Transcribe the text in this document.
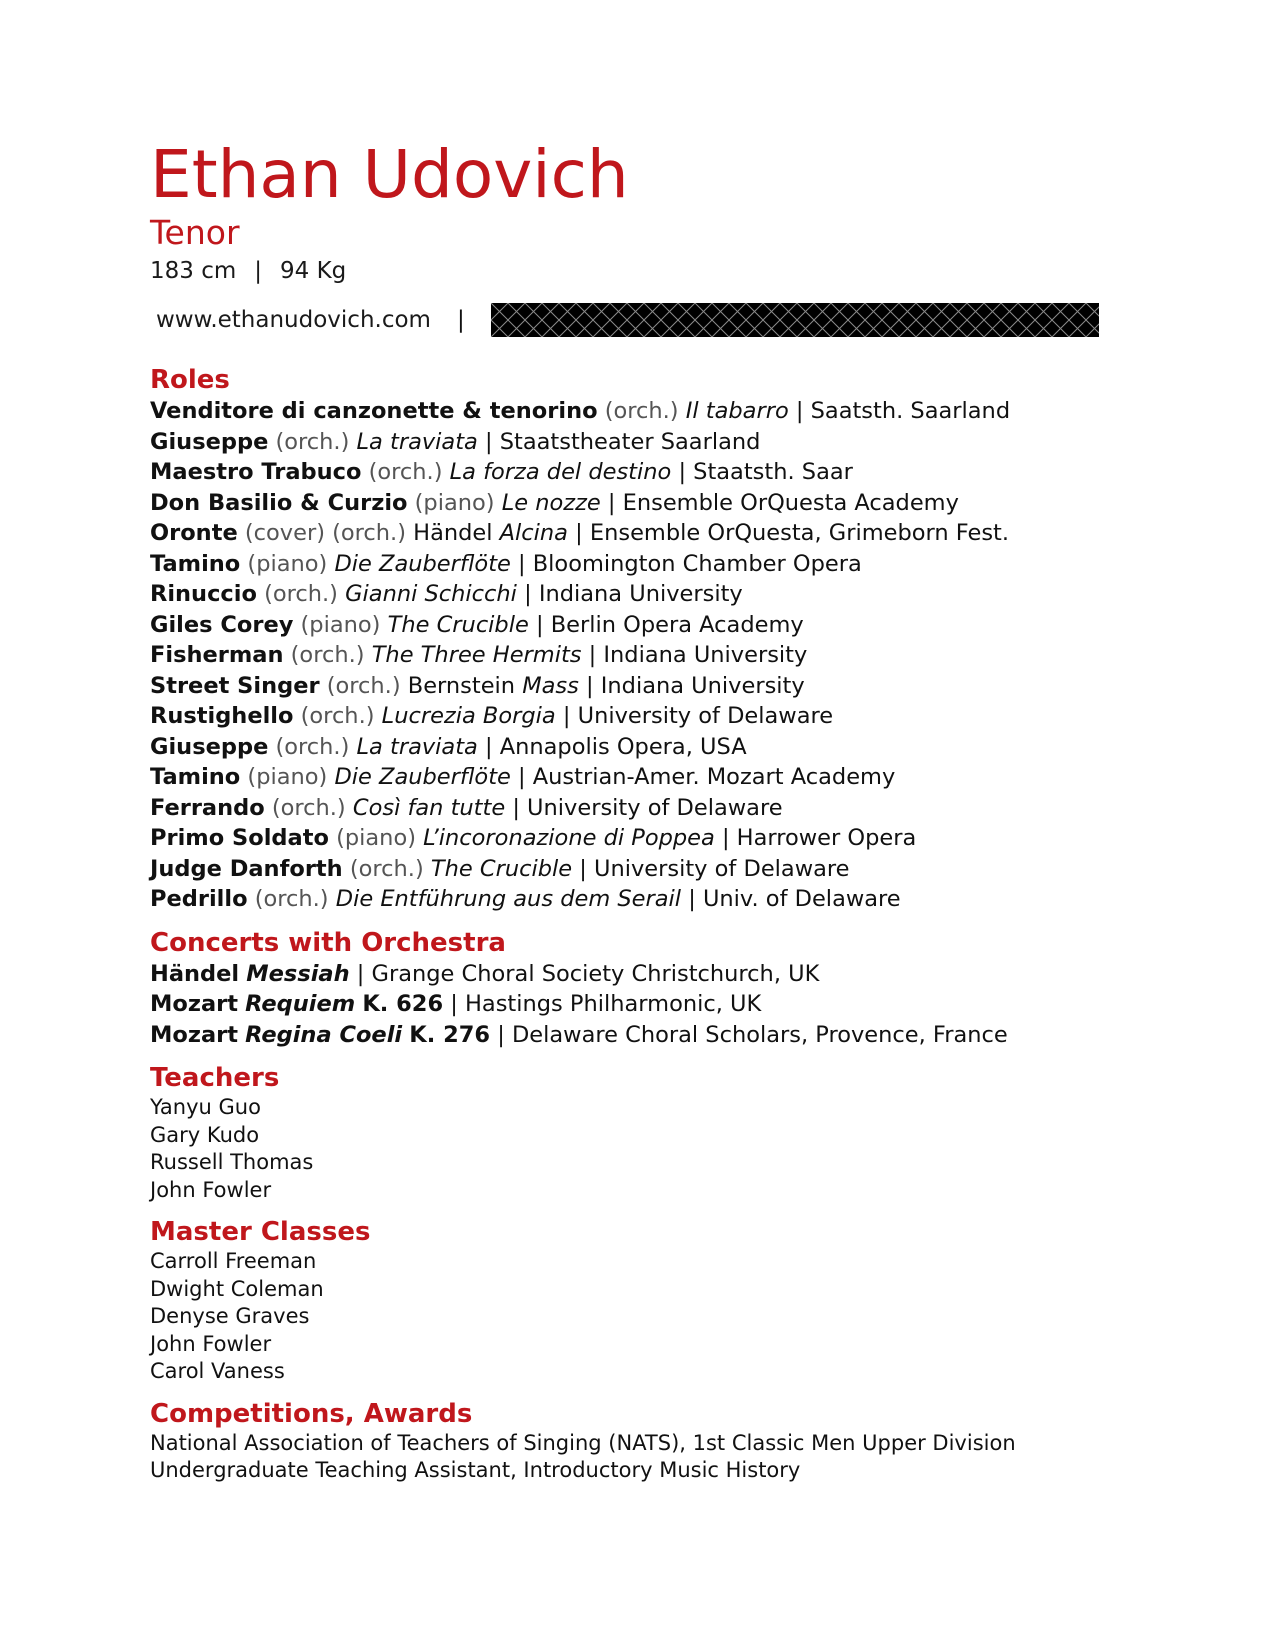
Ethan Udovich
Tenor
183 cm | 94 Kg
www.ethanudovich.com |
Roles
Venditore di canzonette & tenorino (orch.) Il tabarro | Saatsth. Saarland
Giuseppe (orch.) La traviata | Staatstheater Saarland
Maestro Trabuco (orch.) La forza del destino | Staatsth. Saar
Don Basilio & Curzio (piano) Le nozze | Ensemble OrQuesta Academy
Oronte (cover) (orch.) Händel Alcina | Ensemble OrQuesta, Grimeborn Fest.
Tamino (piano) Die Zauberflöte | Bloomington Chamber Opera
Rinuccio (orch.) Gianni Schicchi | Indiana University
Giles Corey (piano) The Crucible | Berlin Opera Academy
Fisherman (orch.) The Three Hermits | Indiana University
Street Singer (orch.) Bernstein Mass | Indiana University
Rustighello (orch.) Lucrezia Borgia | University of Delaware
Giuseppe (orch.) La traviata | Annapolis Opera, USA
Tamino (piano) Die Zauberflöte | Austrian-Amer. Mozart Academy
Ferrando (orch.) Così fan tutte | University of Delaware
Primo Soldato (piano) L’incoronazione di Poppea | Harrower Opera
Judge Danforth (orch.) The Crucible | University of Delaware
Pedrillo (orch.) Die Entführung aus dem Serail | Univ. of Delaware
Concerts with Orchestra
Händel Messiah | Grange Choral Society Christchurch, UK
Mozart Requiem K. 626 | Hastings Philharmonic, UK
Mozart Regina Coeli K. 276 | Delaware Choral Scholars, Provence, France
Teachers
Yanyu Guo
Gary Kudo
Russell Thomas
John Fowler
Master Classes
Carroll Freeman
Dwight Coleman
Denyse Graves
John Fowler
Carol Vaness
Competitions, Awards
National Association of Teachers of Singing (NATS), 1st Classic Men Upper Division
Undergraduate Teaching Assistant, Introductory Music History
